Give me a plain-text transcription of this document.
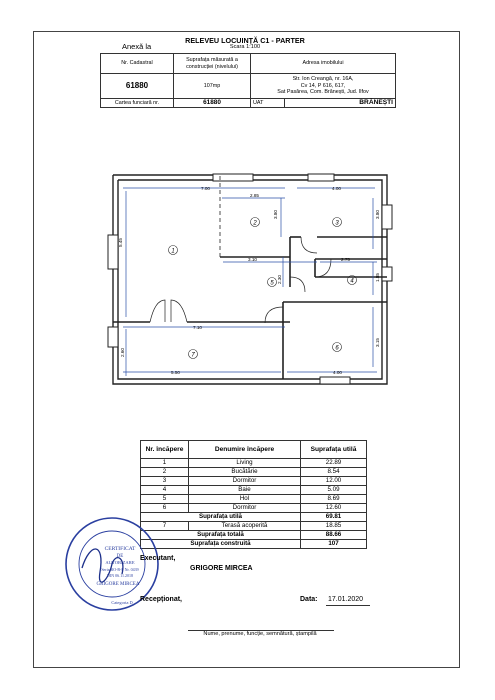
Anexă la
RELEVEU LOCUINȚĂ C1 - PARTER
Scara 1:100
Nr. Cadastral	Suprafața măsurată a construcției (nivelului)	Adresa imobilului
61880	107mp	Str. Ion Creangă, nr. 16A,
Cv 14, P 616, 617,
Sat Pasărea, Com. Brănești, Jud. Ilfov
Cartea funciară nr.	61880	UAT	BRĂNEȘTI
7.00
2.85
4.00
3.80	3.80
5.45
3.10	2.75
1.85
2.30
7.10
2.60
5.50
3.15
4.00
1
2	3
4
5
6
7
Nr. încăpere	Denumire încăpere	Suprafața utilă
1	Living	22.89
2	Bucătărie	8.54
3	Dormitor	12.00
4	Baie	5.09
5	Hol	8.69
6	Dormitor	12.60
Suprafața utilă		69.81
7	Terasă acoperită	18.85
Suprafața totală		88.66
Suprafața construită		107
CERTIFICAT
DE
AUTORIZARE
Seria RO-B-F Nr. 0439
DIN 06.11.2018
GRIGORE MIRCEA
Categoria D
Executant,
GRIGORE MIRCEA
Recepționat,	Data: 17.01.2020
Nume, prenume, funcție, semnătură, ștampilă
